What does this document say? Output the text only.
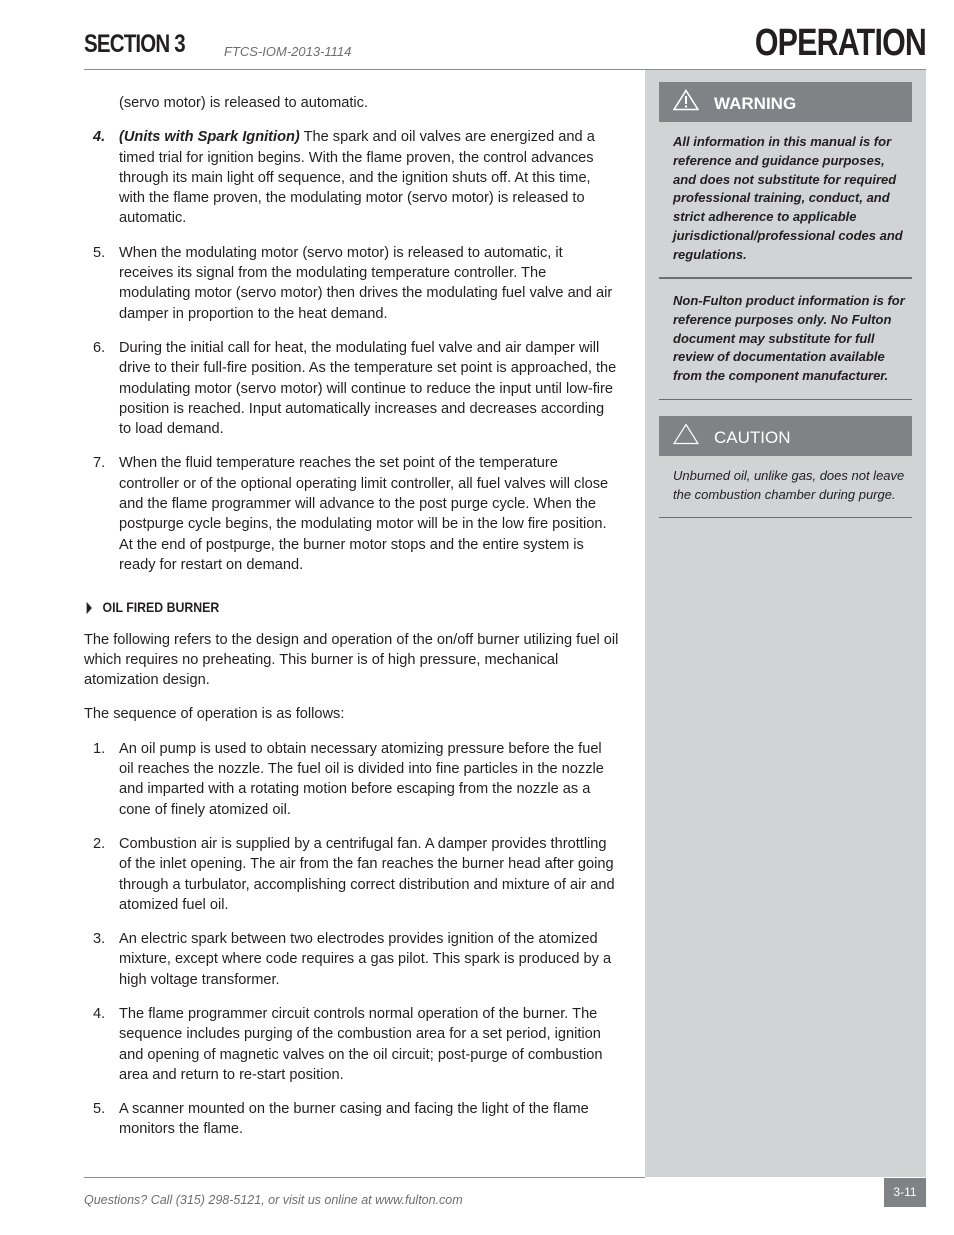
SECTION 3	FTCS-IOM-2013-1114	OPERATION

(servo motor) is released to automatic.

4. (Units with Spark Ignition) The spark and oil valves are energized and a timed trial for ignition begins. With the flame proven, the control advances through its main light off sequence, and the ignition shuts off. At this time, with the flame proven, the modulating motor (servo motor) is released to automatic.
5. When the modulating motor (servo motor) is released to automatic, it receives its signal from the modulating temperature controller. The modulating motor (servo motor) then drives the modulating fuel valve and air damper in proportion to the heat demand.
6. During the initial call for heat, the modulating fuel valve and air damper will drive to their full-fire position. As the temperature set point is approached, the modulating motor (servo motor) will continue to reduce the input until low-fire position is reached. Input automatically increases and decreases according to load demand.
7. When the fluid temperature reaches the set point of the temperature controller or of the optional operating limit controller, all fuel valves will close and the flame programmer will advance to the post purge cycle. When the postpurge cycle begins, the modulating motor will be in the low fire position. At the end of postpurge, the burner motor stops and the entire system is ready for restart on demand.
OIL FIRED BURNER

The following refers to the design and operation of the on/off burner utilizing fuel oil which requires no preheating. This burner is of high pressure, mechanical atomization design.

The sequence of operation is as follows:

1. An oil pump is used to obtain necessary atomizing pressure before the fuel oil reaches the nozzle. The fuel oil is divided into fine particles in the nozzle and imparted with a rotating motion before escaping from the nozzle as a cone of finely atomized oil.
2. Combustion air is supplied by a centrifugal fan. A damper provides throttling of the inlet opening. The air from the fan reaches the burner head after going through a turbulator, accomplishing correct distribution and mixture of air and atomized fuel oil.
3. An electric spark between two electrodes provides ignition of the atomized mixture, except where code requires a gas pilot. This spark is produced by a high voltage transformer.
4. The flame programmer circuit controls normal operation of the burner. The sequence includes purging of the combustion area for a set period, ignition and opening of magnetic valves on the oil circuit; post-purge of combustion area and return to re-start position.
5. A scanner mounted on the burner casing and facing the light of the flame monitors the flame.
WARNING
All information in this manual is for reference and guidance purposes, and does not substitute for required professional training, conduct, and strict adherence to applicable jurisdictional/professional codes and regulations.
Non-Fulton product information is for reference purposes only. No Fulton document may substitute for full review of documentation available from the component manufacturer.
CAUTION
Unburned oil, unlike gas, does not leave the combustion chamber during purge.
Questions? Call (315) 298-5121, or visit us online at www.fulton.com
3-11
